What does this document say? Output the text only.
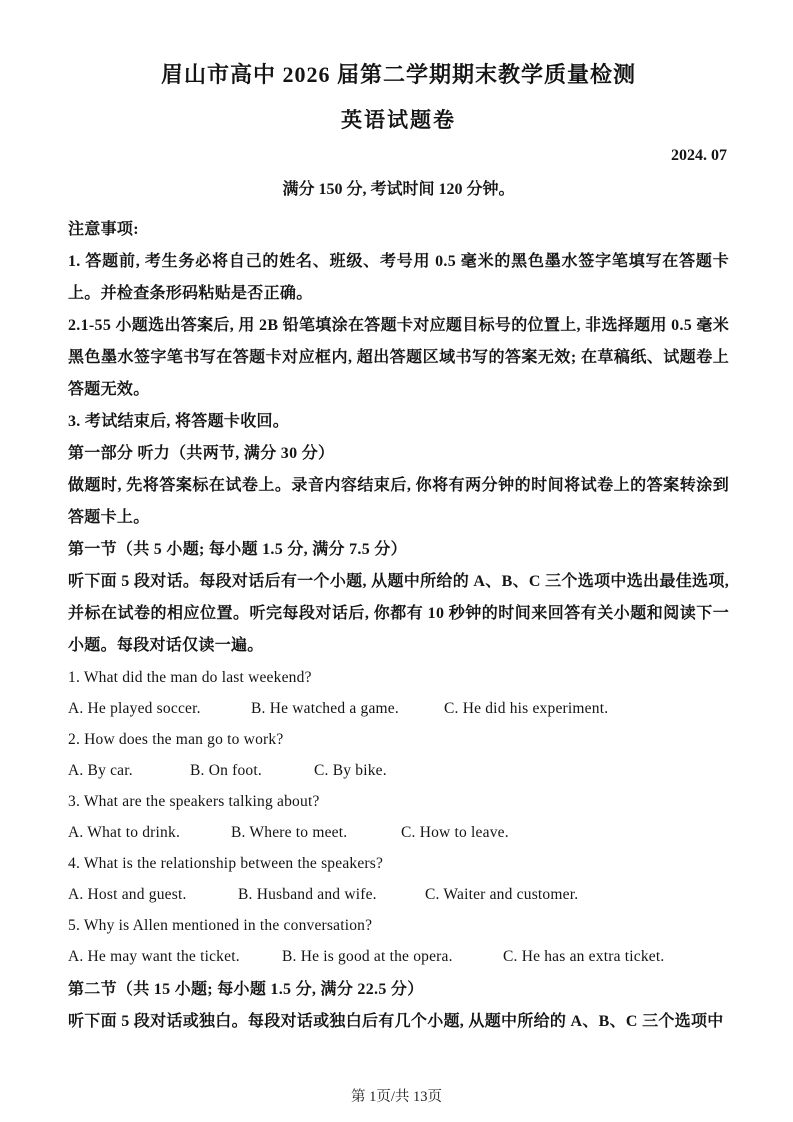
眉山市高中 2026 届第二学期期末教学质量检测
英语试题卷
2024. 07
满分 150 分, 考试时间 120 分钟。
注意事项:
1. 答题前, 考生务必将自己的姓名、班级、考号用 0.5 毫米的黑色墨水签字笔填写在答题卡上。并检查条形码粘贴是否正确。
2.1-55 小题选出答案后, 用 2B 铅笔填涂在答题卡对应题目标号的位置上, 非选择题用 0.5 毫米黑色墨水签字笔书写在答题卡对应框内, 超出答题区域书写的答案无效; 在草稿纸、试题卷上答题无效。
3. 考试结束后, 将答题卡收回。
第一部分 听力（共两节, 满分 30 分）
做题时, 先将答案标在试卷上。录音内容结束后, 你将有两分钟的时间将试卷上的答案转涂到答题卡上。
第一节（共 5 小题; 每小题 1.5 分, 满分 7.5 分）
听下面 5 段对话。每段对话后有一个小题, 从题中所给的 A、B、C 三个选项中选出最佳选项, 并标在试卷的相应位置。听完每段对话后, 你都有 10 秒钟的时间来回答有关小题和阅读下一小题。每段对话仅读一遍。
1. What did the man do last weekend?
A. He played soccer.	B. He watched a game.	C. He did his experiment.
2. How does the man go to work?
A. By car.	B. On foot.	C. By bike.
3. What are the speakers talking about?
A. What to drink.	B. Where to meet.	C. How to leave.
4. What is the relationship between the speakers?
A. Host and guest.	B. Husband and wife.	C. Waiter and customer.
5. Why is Allen mentioned in the conversation?
A. He may want the ticket.	B. He is good at the opera.	C. He has an extra ticket.
第二节（共 15 小题; 每小题 1.5 分, 满分 22.5 分）
听下面 5 段对话或独白。每段对话或独白后有几个小题, 从题中所给的 A、B、C 三个选项中
第 1页/共 13页
